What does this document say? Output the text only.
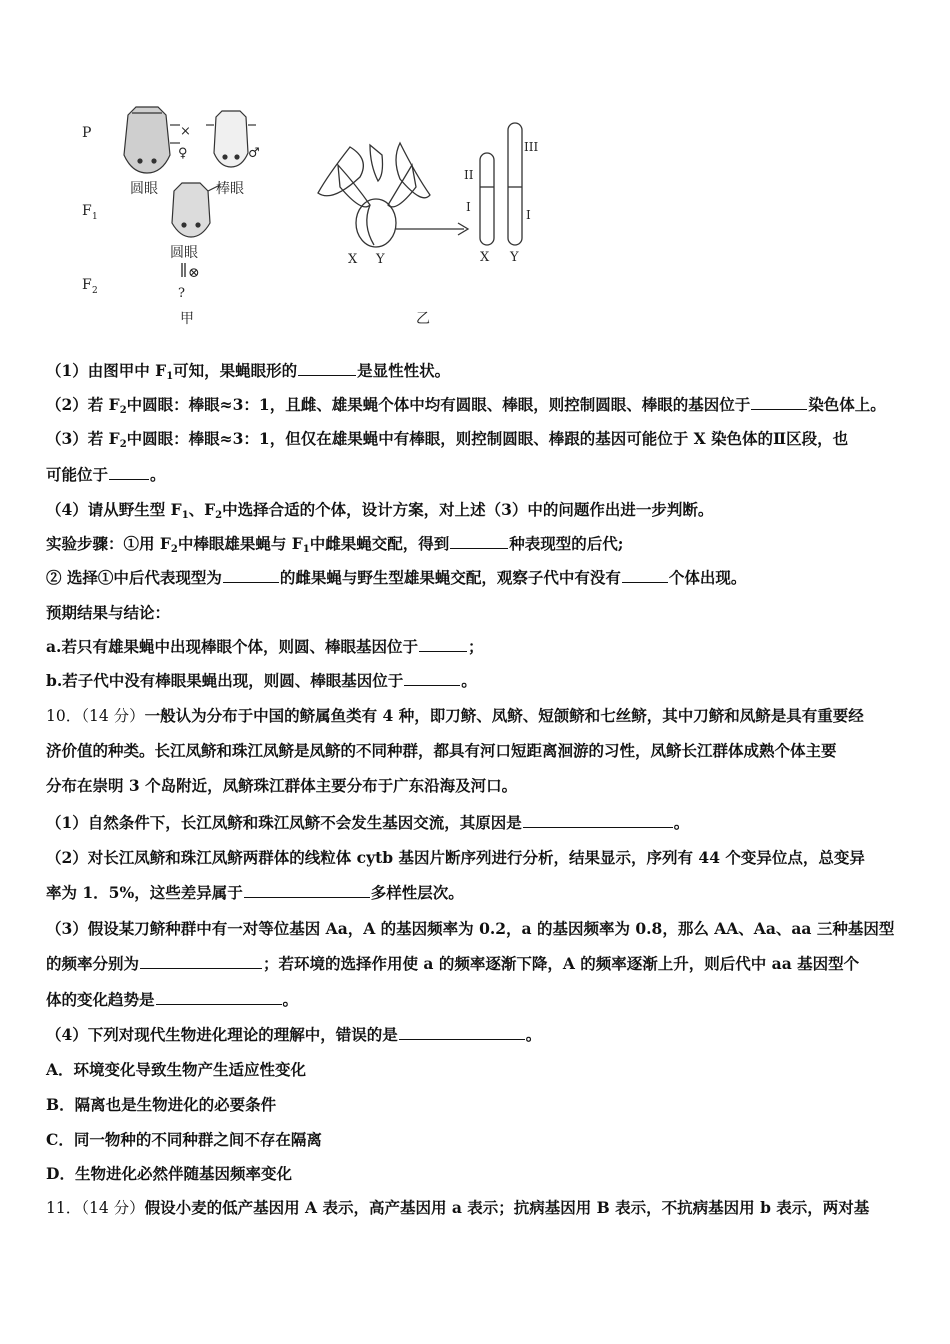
P
F 1
F 2
×
♀	♂
圆眼	棒眼
圆眼
⊗
?
甲
X Y
II
I
III
I
X Y
乙
（1）由图甲中 $F_1$可知，果蝇眼形的	是显性性状。
（2）若 $F_2$中圆眼：棒眼≈3：1，且雌、雄果蝇个体中均有圆眼、棒眼，则控制圆眼、棒眼的基因位于	染色体上。
（3）若 $F_2$中圆眼：棒眼≈3：1，但仅在雄果蝇中有棒眼，则控制圆眼、棒跟的基因可能位于 X 染色体的Ⅱ区段，也
可能位于	。
（4）请从野生型 $F_1$、$F_2$中选择合适的个体，设计方案，对上述（3）中的问题作出进一步判断。
实验步骤：①用 $F_2$中棒眼雄果蝇与 $F_1$中雌果蝇交配，得到	种表现型的后代;
② 选择①中后代表现型为	的雌果蝇与野生型雄果蝇交配，观察子代中有没有	个体出现。
预期结果与结论：
a.若只有雄果蝇中出现棒眼个体，则圆、棒眼基因位于	；
b.若子代中没有棒眼果蝇出现，则圆、棒眼基因位于	。
10．（14 分）一般认为分布于中国的鲚属鱼类有 4 种，即刀鲚、凤鲚、短颌鲚和七丝鲚，其中刀鲚和凤鲚是具有重要经
济价值的种类。长江凤鲚和珠江凤鲚是凤鲚的不同种群，都具有河口短距离洄游的习性，凤鲚长江群体成熟个体主要
分布在崇明 3 个岛附近，凤鲚珠江群体主要分布于广东沿海及河口。
（1）自然条件下，长江凤鲚和珠江凤鲚不会发生基因交流，其原因是	。
（2）对长江凤鲚和珠江凤鲚两群体的线粒体 cytb 基因片断序列进行分析，结果显示，序列有 44 个变异位点，总变异
率为 1．5%，这些差异属于	多样性层次。
（3）假设某刀鲚种群中有一对等位基因 Aa，A 的基因频率为 0.2，a 的基因频率为 0.8，那么 AA、Aa、aa 三种基因型
的频率分别为	；若环境的选择作用使 a 的频率逐渐下降，A 的频率逐渐上升，则后代中 aa 基因型个
体的变化趋势是	。
（4）下列对现代生物进化理论的理解中，错误的是	。
A．环境变化导致生物产生适应性变化
B．隔离也是生物进化的必要条件
C．同一物种的不同种群之间不存在隔离
D．生物进化必然伴随基因频率变化
11．（14 分）假设小麦的低产基因用 A 表示，高产基因用 a 表示；抗病基因用 B 表示，不抗病基因用 b 表示，两对基
